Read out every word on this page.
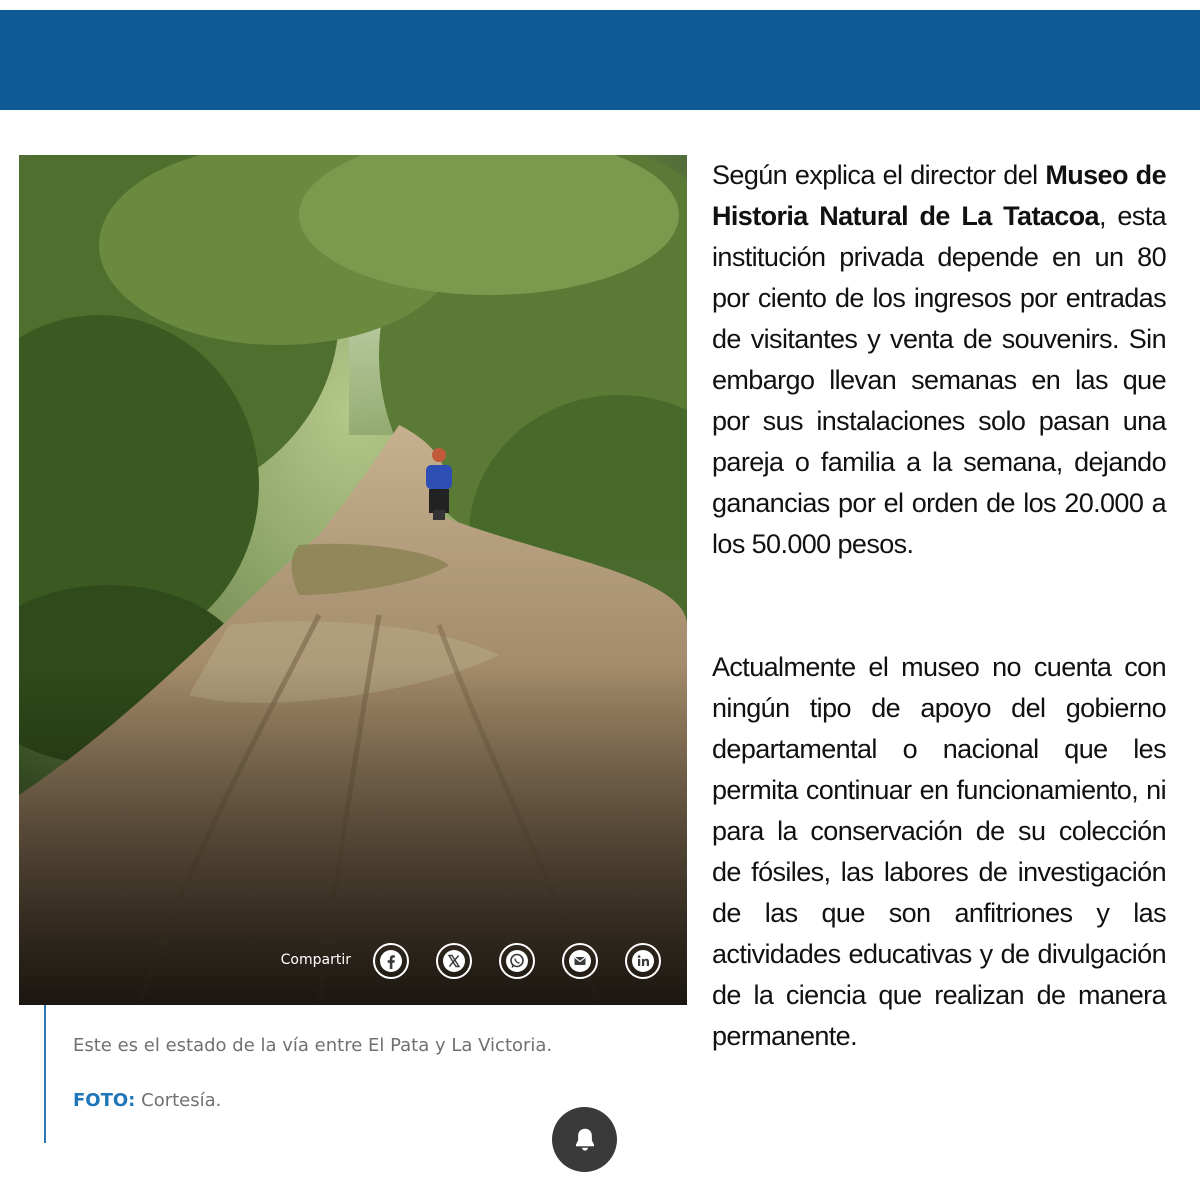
Compartir
Este es el estado de la vía entre El Pata y La Victoria.
FOTO: Cortesía.

Según explica el director del Museo de Historia Natural de La Tatacoa, esta institución privada depende en un 80 por ciento de los ingresos por entradas de visitantes y venta de souvenirs. Sin embargo llevan semanas en las que por sus instalaciones solo pasan una pareja o familia a la semana, dejando ganancias por el orden de los 20.000 a los 50.000 pesos.

Actualmente el museo no cuenta con ningún tipo de apoyo del gobierno departamental o nacional que les permita continuar en funcionamiento, ni para la conservación de su colección de fósiles, las labores de investigación de las que son anfitriones y las actividades educativas y de divulgación de la ciencia que realizan de manera permanente.
